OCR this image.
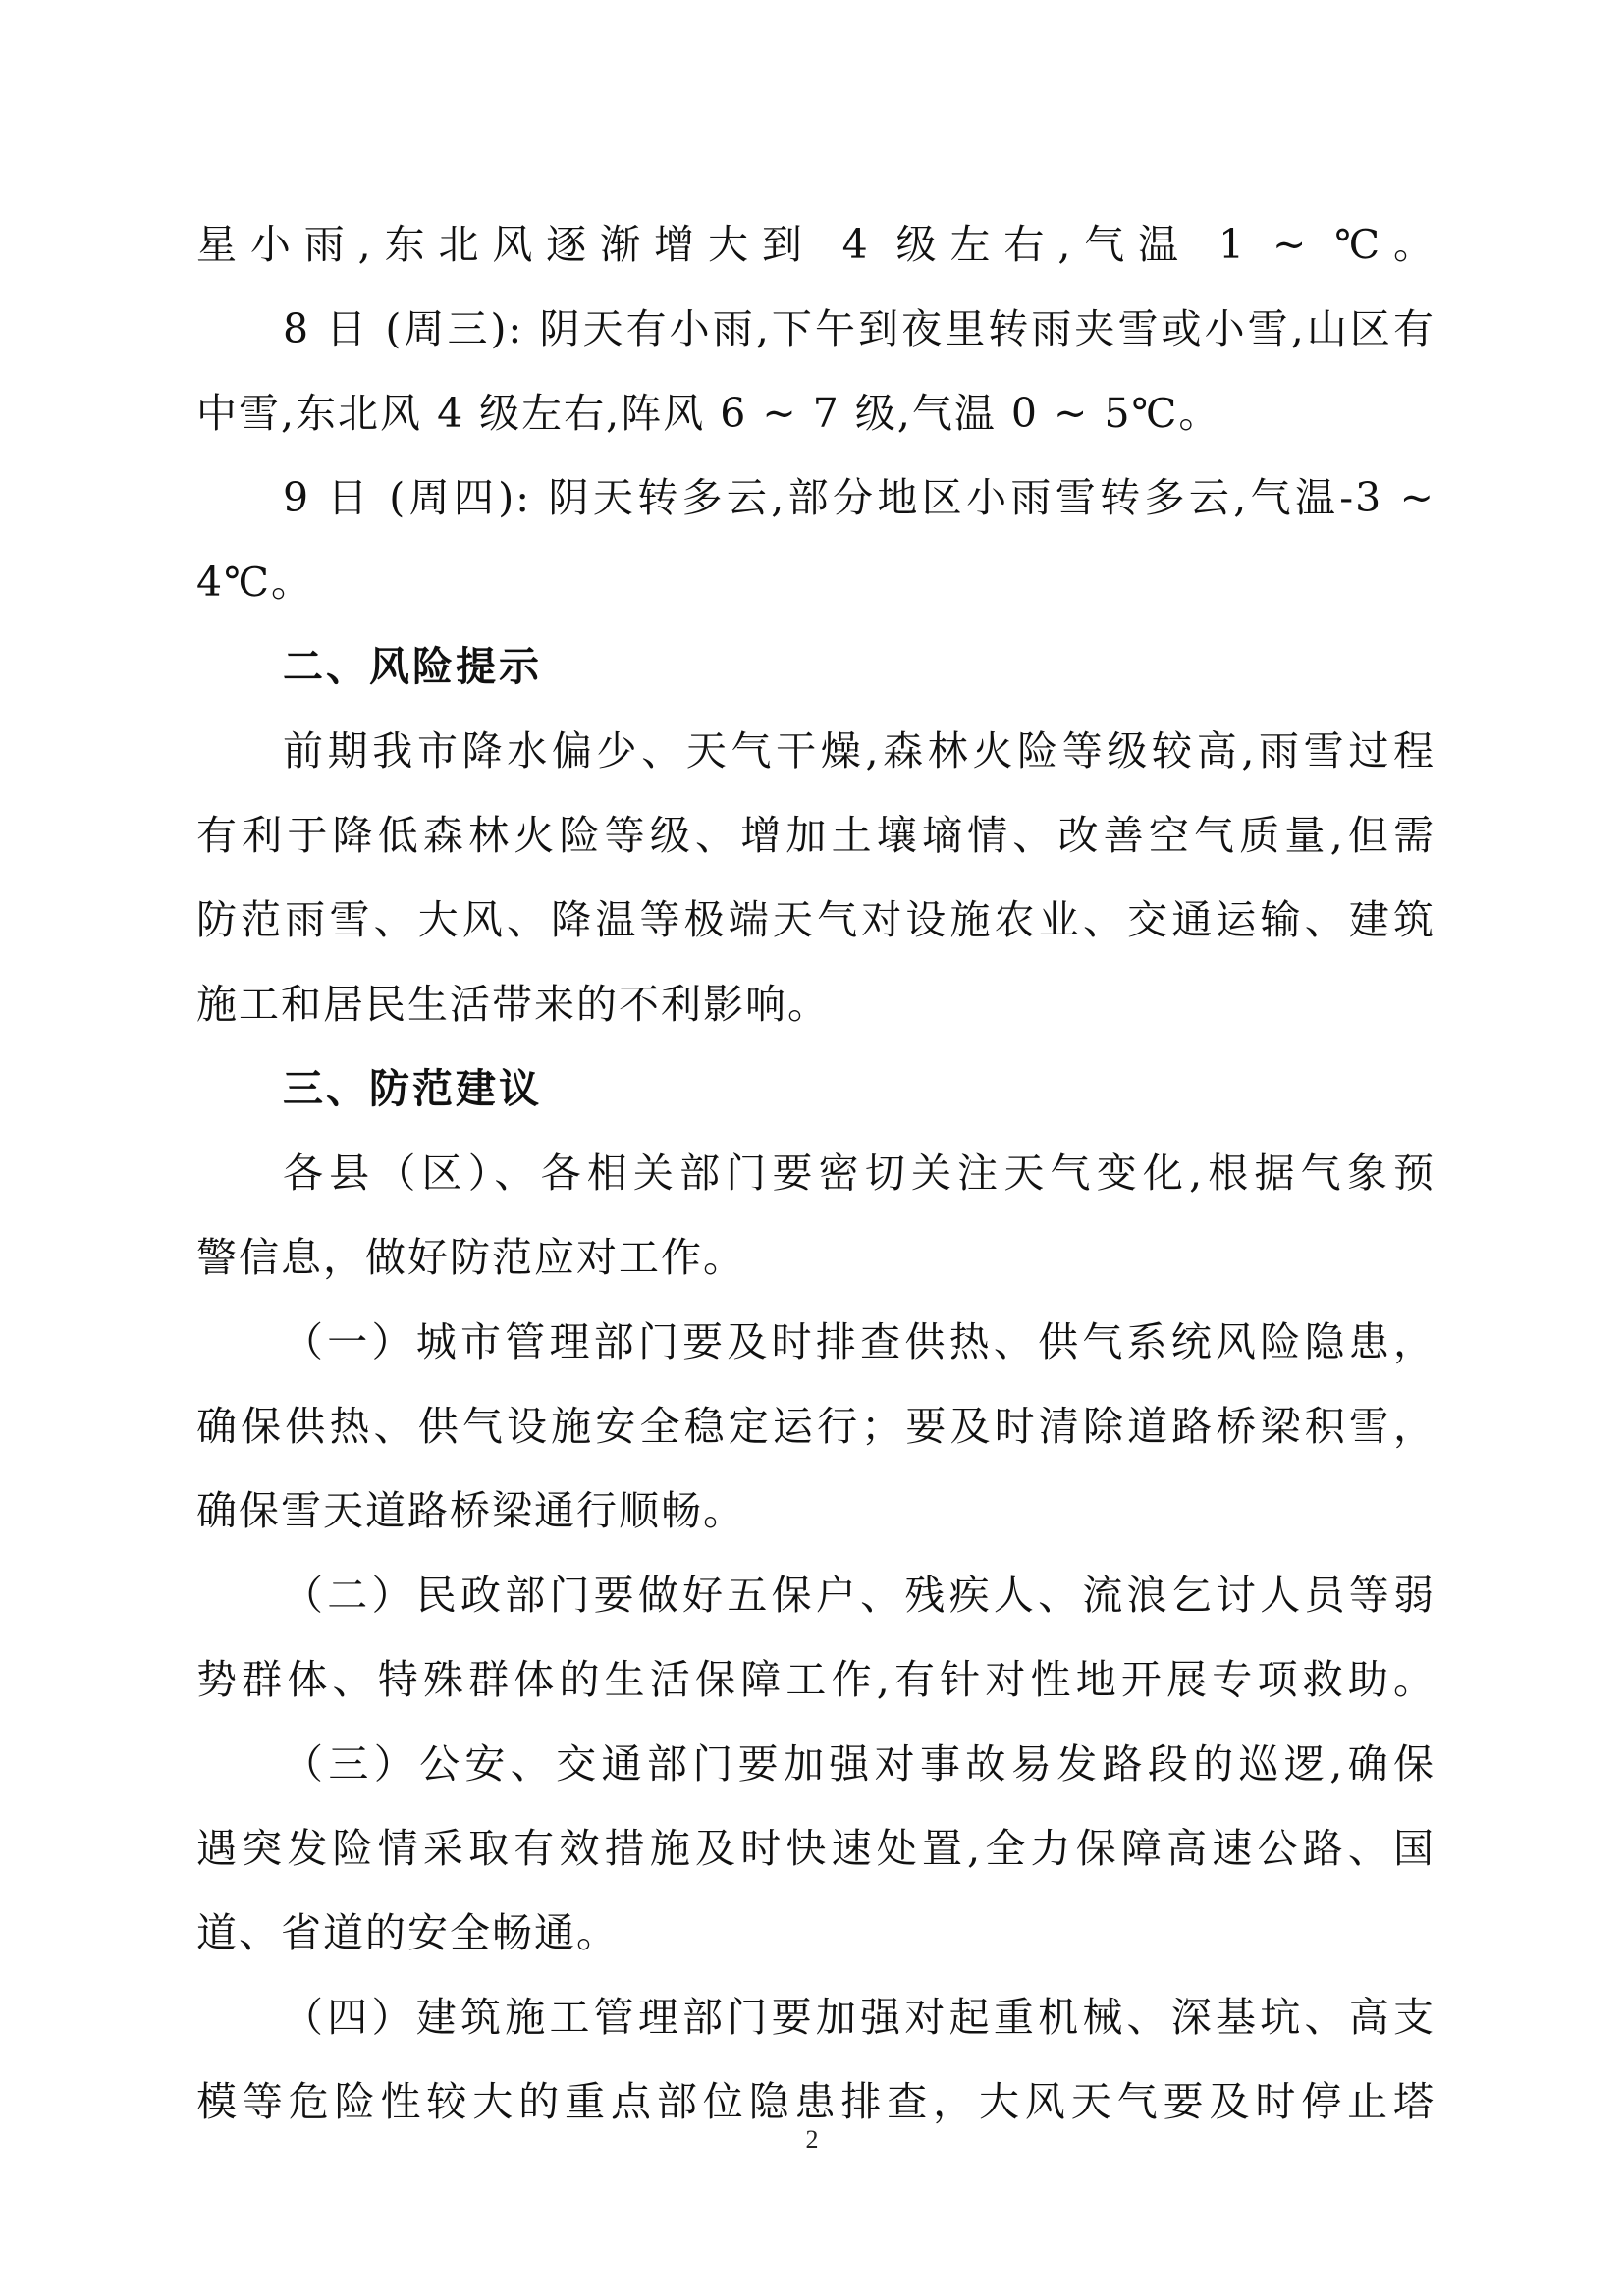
星小雨,东北风逐渐增大到 4 级左右,气温 1 ~ ℃。
8 日 (周三): 阴天有小雨,下午到夜里转雨夹雪或小雪,山区有
中雪,东北风 4 级左右,阵风 6 ~ 7 级,气温 0 ~ 5℃。
9 日 (周四): 阴天转多云,部分地区小雨雪转多云,气温-3 ~
4℃。
二、风险提示
前期我市降水偏少、天气干燥,森林火险等级较高,雨雪过程
有利于降低森林火险等级、增加土壤墒情、改善空气质量,但需
防范雨雪、大风、降温等极端天气对设施农业、交通运输、建筑
施工和居民生活带来的不利影响。
三、防范建议
各县（区）、各相关部门要密切关注天气变化,根据气象预
警信息，做好防范应对工作。
（一）城市管理部门要及时排查供热、供气系统风险隐患，
确保供热、供气设施安全稳定运行；要及时清除道路桥梁积雪，
确保雪天道路桥梁通行顺畅。
（二）民政部门要做好五保户、残疾人、流浪乞讨人员等弱
势群体、特殊群体的生活保障工作,有针对性地开展专项救助。
（三）公安、交通部门要加强对事故易发路段的巡逻,确保
遇突发险情采取有效措施及时快速处置,全力保障高速公路、国
道、省道的安全畅通。
（四）建筑施工管理部门要加强对起重机械、深基坑、高支
模等危险性较大的重点部位隐患排查，大风天气要及时停止塔
2
